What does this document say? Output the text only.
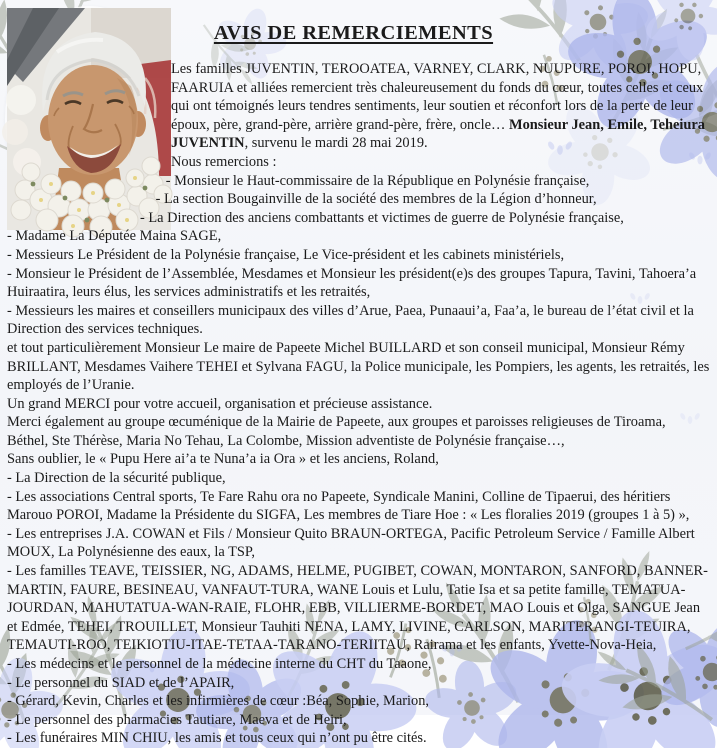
AVIS DE REMERCIEMENTS

Les familles JUVENTIN, TEROOATEA, VARNEY, CLARK, NUUPURE, POROI, HOPU, FAARUIA et alliées remercient très chaleureusement du fonds du cœur, toutes celles et ceux qui ont témoignés leurs tendres sentiments, leur soutien et réconfort lors de la perte de leur époux, père, grand-père, arrière grand-père, frère, oncle… Monsieur Jean, Emile, Teheiura JUVENTIN, survenu le mardi 28 mai 2019.

Nous remercions :

- Monsieur le Haut-commissaire de la République en Polynésie française,

- La section Bougainville de la société des membres de la Légion d’honneur,

- La Direction des anciens combattants et victimes de guerre de Polynésie française,

- Madame La Députée Maina SAGE,

- Messieurs Le Président de la Polynésie française, Le Vice-président et les cabinets ministériels,

- Monsieur le Président de l’Assemblée, Mesdames et Monsieur les président(e)s des groupes Tapura, Tavini, Tahoera’a Huiraatira, leurs élus, les services administratifs et les retraités,

- Messieurs les maires et conseillers municipaux des villes d’Arue, Paea, Punaaui’a, Faa’a, le bureau de l’état civil et la Direction des services techniques.

et tout particulièrement Monsieur Le maire de Papeete Michel BUILLARD et son conseil municipal, Monsieur Rémy BRILLANT, Mesdames Vaihere TEHEI et Sylvana FAGU, la Police municipale, les Pompiers, les agents, les retraités, les employés de l’Uranie.

Un grand MERCI pour votre accueil, organisation et précieuse assistance.

Merci également au groupe œcuménique de la Mairie de Papeete, aux groupes et paroisses religieuses de Tiroama, Béthel, Ste Thérèse, Maria No Tehau, La Colombe, Mission adventiste de Polynésie française…,

Sans oublier, le « Pupu Here ai’a te Nuna’a ia Ora » et les anciens, Roland,

- La Direction de la sécurité publique,

- Les associations Central sports, Te Fare Rahu ora no Papeete, Syndicale Manini, Colline de Tipaerui, des héritiers Marouo POROI, Madame la Présidente du SIGFA, Les membres de Tiare Hoe : « Les floralies 2019 (groupes 1 à 5) »,

- Les entreprises J.A. COWAN et Fils / Monsieur Quito BRAUN-ORTEGA, Pacific Petroleum Service / Famille Albert MOUX, La Polynésienne des eaux, la TSP,

- Les familles TEAVE, TEISSIER, NG, ADAMS, HELME, PUGIBET, COWAN, MONTARON, SANFORD, BANNER-MARTIN, FAURE, BESINEAU, VANFAUT-TURA, WANE Louis et Lulu, Tatie Isa et sa petite famille, TEMATUA-JOURDAN, MAHUTATUA-WAN-RAIE, FLOHR, EBB, VILLIERME-BORDET, MAO Louis et Olga, SANGUE Jean et Edmée, TEHEI, TROUILLET, Monsieur Tauhiti NENA, LAMY, LIVINE, CARLSON, MARITERANGI-TEUIRA, TEMAUTI-ROO, TEIKIOTIU-ITAE-TETAA-TARANO-TERIITAU, Rairama et les enfants, Yvette-Nova-Heia,

- Les médecins et le personnel de la médecine interne du CHT du Taaone,

- Le personnel du SIAD et de l’APAIR,

- Gérard, Kevin, Charles et les infirmières de cœur :Béa, Sophie, Marion,

- Le personnel des pharmacies Tautiare, Maeva et de Heiri,

- Les funéraires MIN CHIU, les amis et tous ceux qui n’ont pu être cités.
